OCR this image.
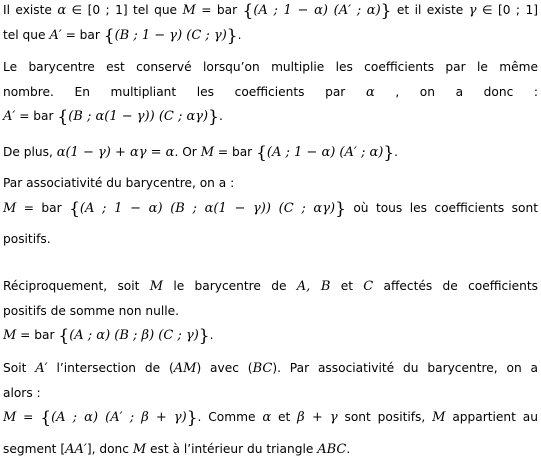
Il existe α ∈ [0 ; 1] tel que M = bar {(A ; 1 − α) (A′ ; α)} et il existe γ ∈ [0 ; 1]
tel que A′ = bar {(B ; 1 − γ) (C ; γ)}.
Le barycentre est conservé lorsqu’on multiplie les coefficients par le même
nombre. En multipliant les coefficients par α , on a donc :
A′ = bar {(B ; α(1 − γ)) (C ; αγ)}.
De plus, α(1 − γ) + αγ = α. Or M = bar {(A ; 1 − α) (A′ ; α)}.
Par associativité du barycentre, on a :
M = bar {(A ; 1 − α) (B ; α(1 − γ)) (C ; αγ)} où tous les coefficients sont
positifs.
Réciproquement, soit M le barycentre de A, B et C affectés de coefficients
positifs de somme non nulle.
M = bar {(A ; α) (B ; β) (C ; γ)}.
Soit A′ l’intersection de (AM) avec (BC). Par associativité du barycentre, on a
alors :
M = {(A ; α) (A′ ; β + γ)}. Comme α et β + γ sont positifs, M appartient au
segment [AA′], donc M est à l’intérieur du triangle ABC.
